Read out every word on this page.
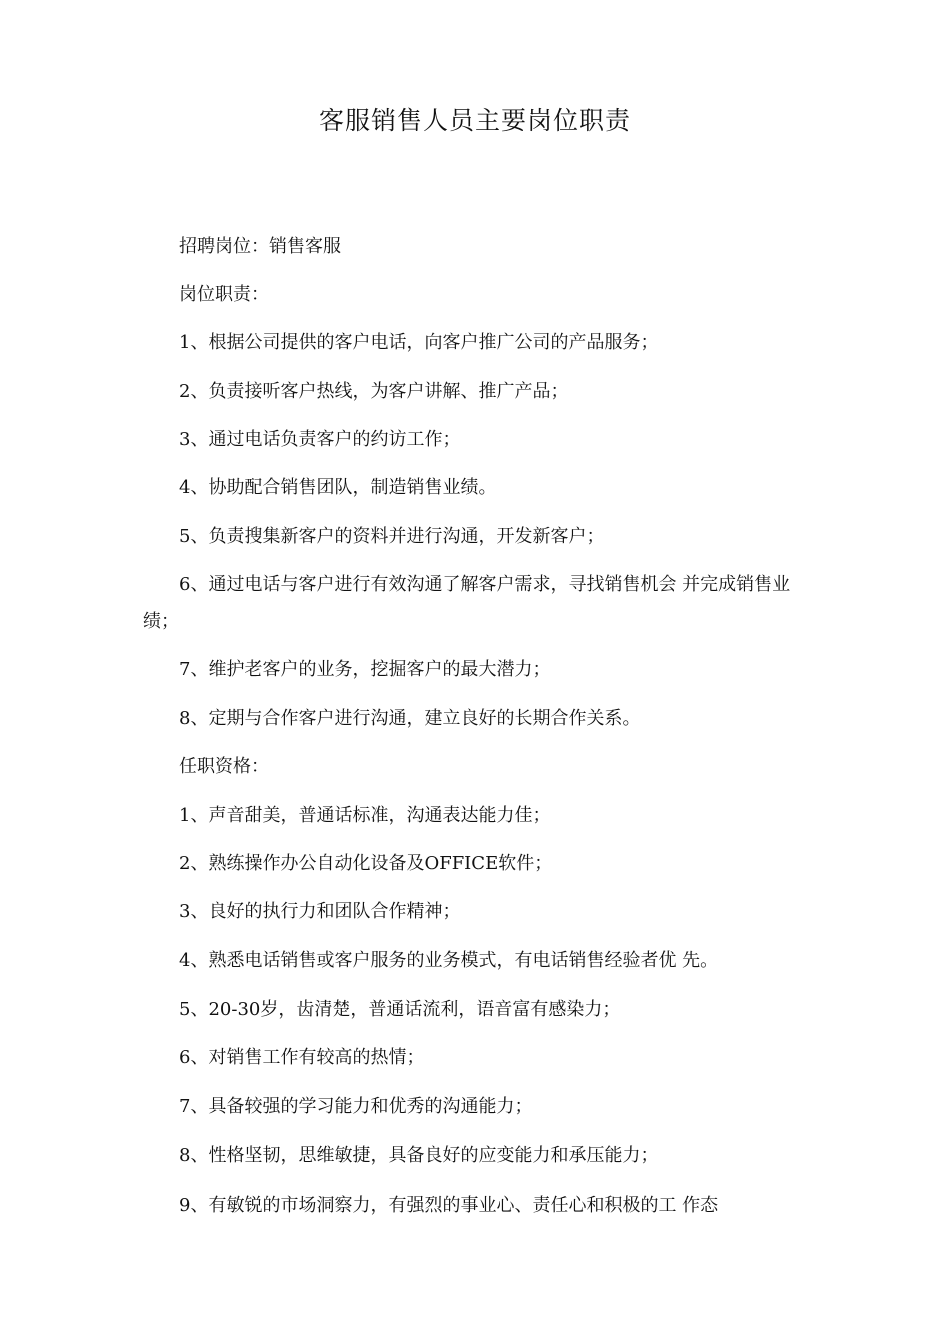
客服销售人员主要岗位职责

招聘岗位：销售客服

岗位职责：

1、根据公司提供的客户电话，向客户推广公司的产品服务；

2、负责接听客户热线，为客户讲解、推广产品；

3、通过电话负责客户的约访工作；

4、协助配合销售团队，制造销售业绩。

5、负责搜集新客户的资料并进行沟通，开发新客户；

6、通过电话与客户进行有效沟通了解客户需求，寻找销售机会 并完成销售业绩；

7、维护老客户的业务，挖掘客户的最大潜力；

8、定期与合作客户进行沟通，建立良好的长期合作关系。

任职资格：

1、声音甜美，普通话标准，沟通表达能力佳；

2、熟练操作办公自动化设备及OFFICE软件；

3、良好的执行力和团队合作精神；

4、熟悉电话销售或客户服务的业务模式，有电话销售经验者优 先。

5、20-30岁，齿清楚，普通话流利，语音富有感染力；

6、对销售工作有较高的热情；

7、具备较强的学习能力和优秀的沟通能力；

8、性格坚韧，思维敏捷，具备良好的应变能力和承压能力；

9、有敏锐的市场洞察力，有强烈的事业心、责任心和积极的工 作态
